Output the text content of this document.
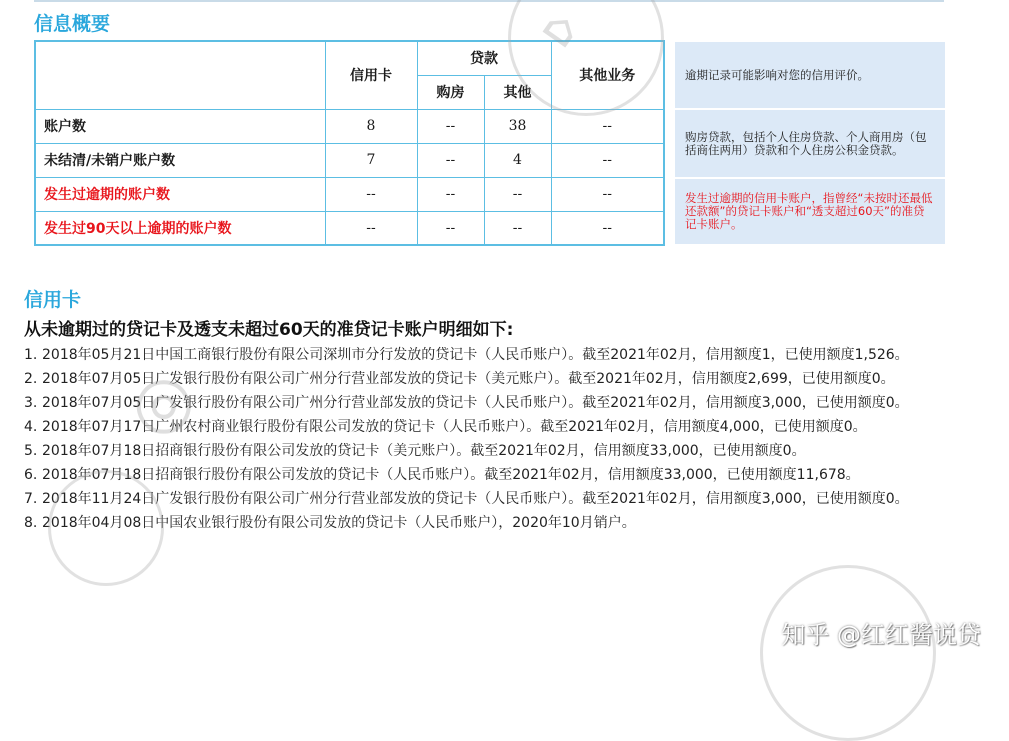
信息概要
	信用卡	贷款		其他业务
		购房	其他	
账户数	8	--	38	--
未结清/未销户账户数	7	--	4	--
发生过逾期的账户数	--	--	--	--
发生过90天以上逾期的账户数	--	--	--	--
逾期记录可能影响对您的信用评价。
购房贷款，包括个人住房贷款、个人商用房（包括商住两用）贷款和个人住房公积金贷款。
发生过逾期的信用卡账户，指曾经“未按时还最低还款额”的贷记卡账户和“透支超过60天”的准贷记卡账户。
信用卡

从未逾期过的贷记卡及透支未超过60天的准贷记卡账户明细如下:

1. 2018年05月21日中国工商银行股份有限公司深圳市分行发放的贷记卡（人民币账户）。截至2021年02月，信用额度1，已使用额度1,526。
2. 2018年07月05日广发银行股份有限公司广州分行营业部发放的贷记卡（美元账户）。截至2021年02月，信用额度2,699，已使用额度0。
3. 2018年07月05日广发银行股份有限公司广州分行营业部发放的贷记卡（人民币账户）。截至2021年02月，信用额度3,000，已使用额度0。
4. 2018年07月17日广州农村商业银行股份有限公司发放的贷记卡（人民币账户）。截至2021年02月，信用额度4,000，已使用额度0。
5. 2018年07月18日招商银行股份有限公司发放的贷记卡（美元账户）。截至2021年02月，信用额度33,000，已使用额度0。
6. 2018年07月18日招商银行股份有限公司发放的贷记卡（人民币账户）。截至2021年02月，信用额度33,000，已使用额度11,678。
7. 2018年11月24日广发银行股份有限公司广州分行营业部发放的贷记卡（人民币账户）。截至2021年02月，信用额度3,000，已使用额度0。
8. 2018年04月08日中国农业银行股份有限公司发放的贷记卡（人民币账户），2020年10月销户。
⌂
◎
知乎 @红红酱说贷
